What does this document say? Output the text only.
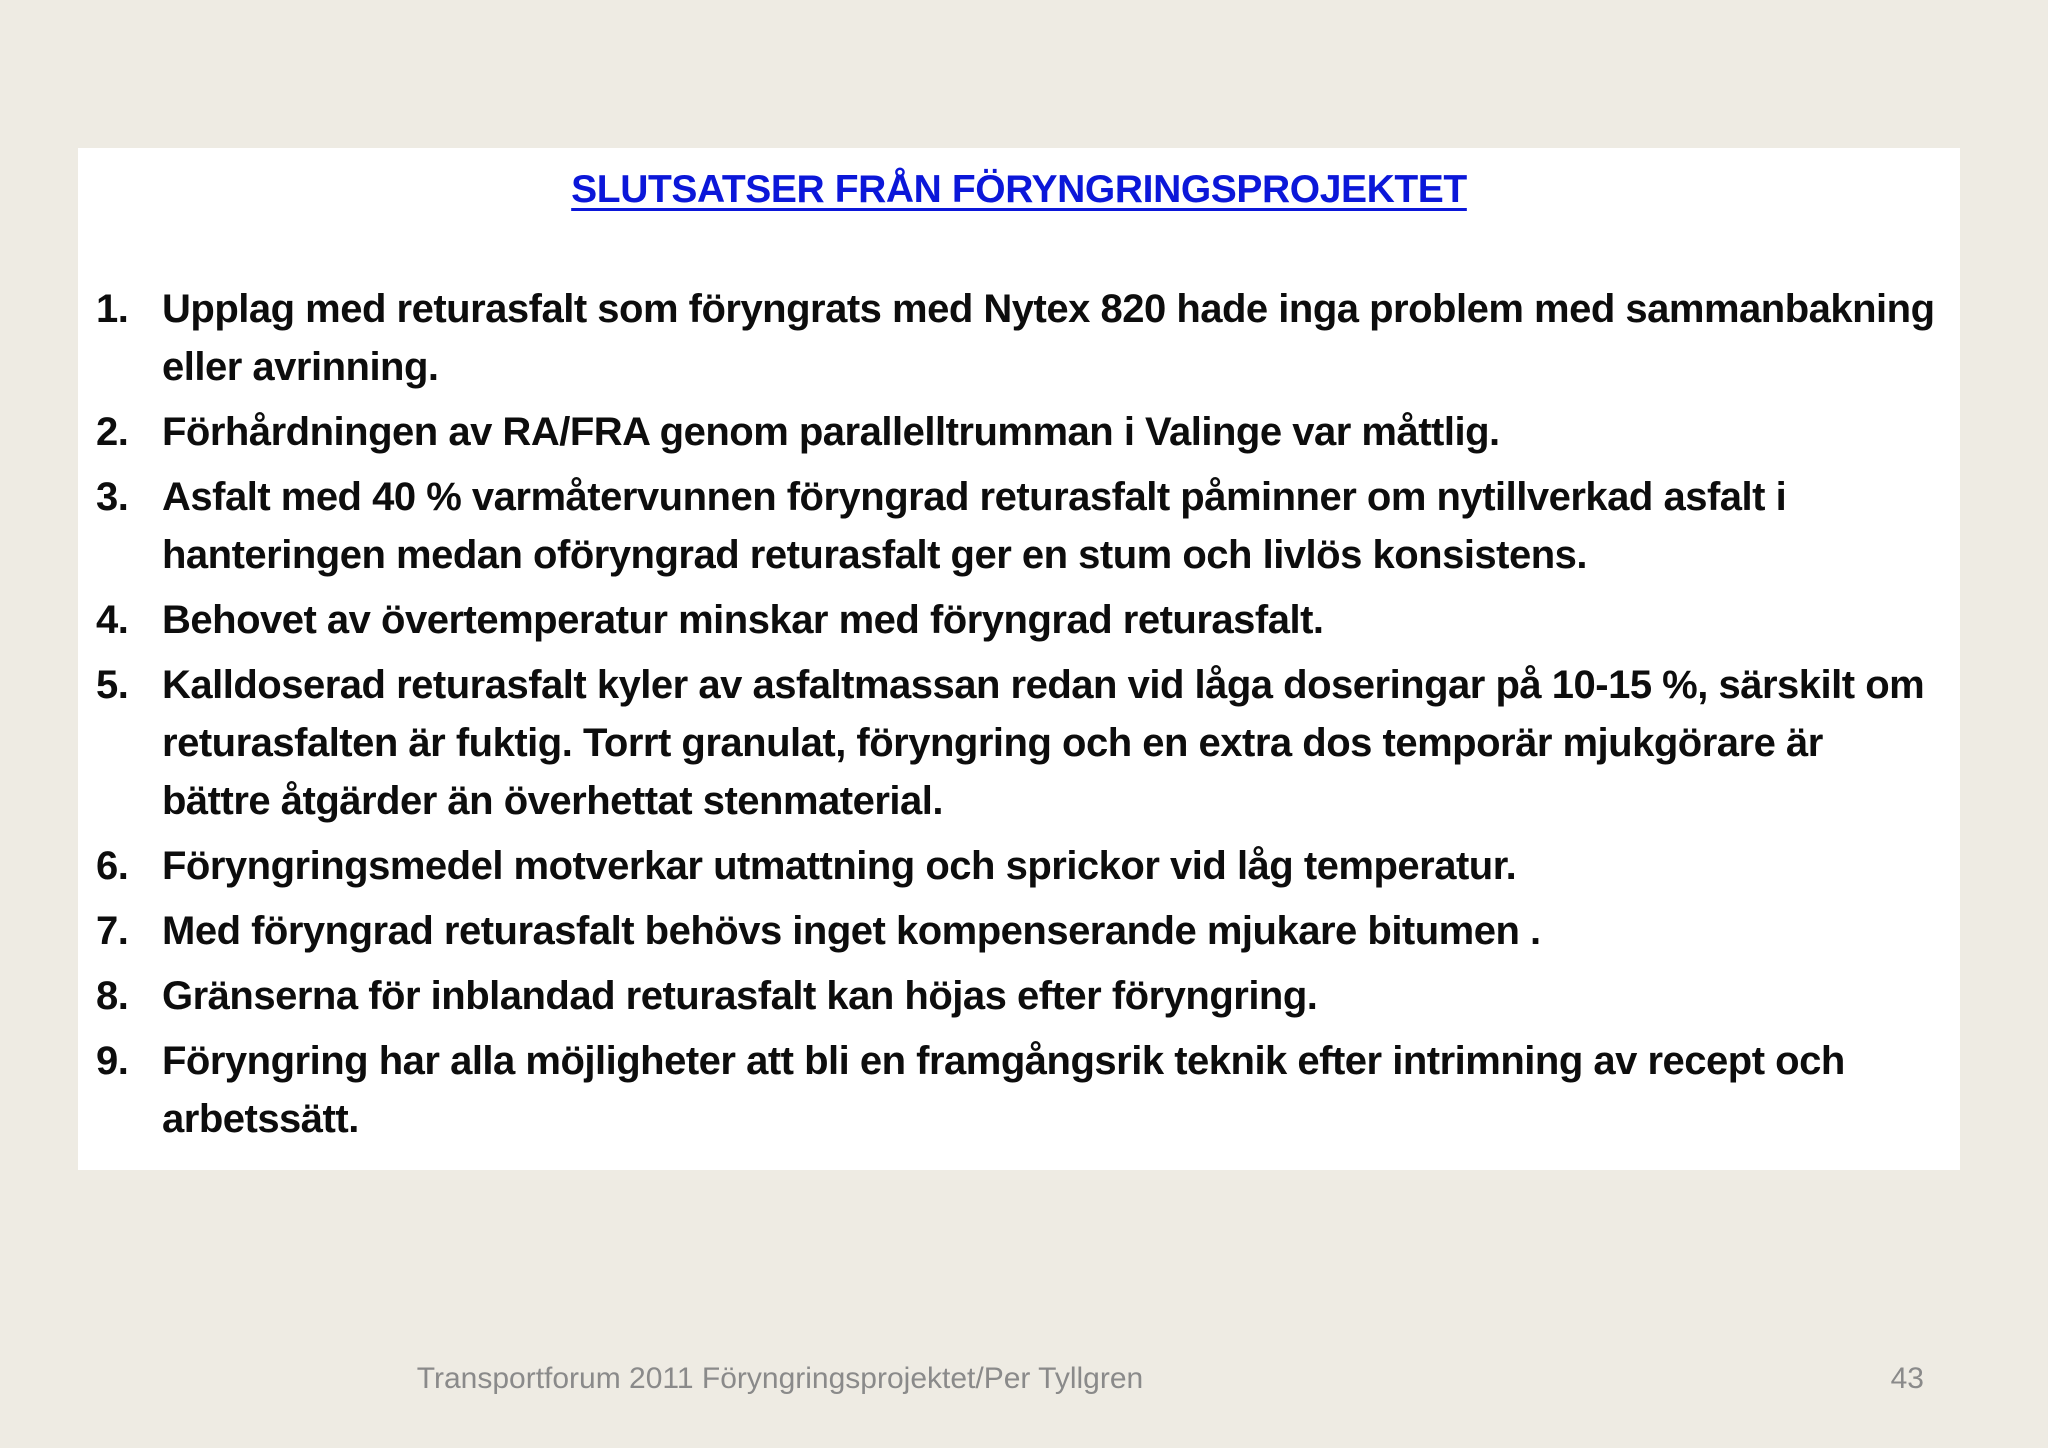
SLUTSATSER FRÅN FÖRYNGRINGSPROJEKTET
1. Upplag med returasfalt som föryngrats med Nytex 820 hade inga problem med sammanbakning eller avrinning.
2. Förhårdningen av RA/FRA genom parallelltrumman i Valinge var måttlig.
3. Asfalt med 40 % varmåtervunnen föryngrad returasfalt påminner om nytillverkad asfalt i hanteringen medan oföryngrad returasfalt ger en stum och livlös konsistens.
4. Behovet av övertemperatur minskar med föryngrad returasfalt.
5. Kalldoserad returasfalt kyler av asfaltmassan redan vid låga doseringar på 10-15 %, särskilt om returasfalten är fuktig. Torrt granulat, föryngring och en extra dos temporär mjukgörare är bättre åtgärder än överhettat stenmaterial.
6. Föryngringsmedel motverkar utmattning och sprickor vid låg temperatur.
7. Med föryngrad returasfalt behövs inget kompenserande mjukare bitumen .
8. Gränserna för inblandad returasfalt kan höjas efter föryngring.
9. Föryngring har alla möjligheter att bli en framgångsrik teknik efter intrimning av recept och arbetssätt.
Transportforum 2011 Föryngringsprojektet/Per Tyllgren	43
